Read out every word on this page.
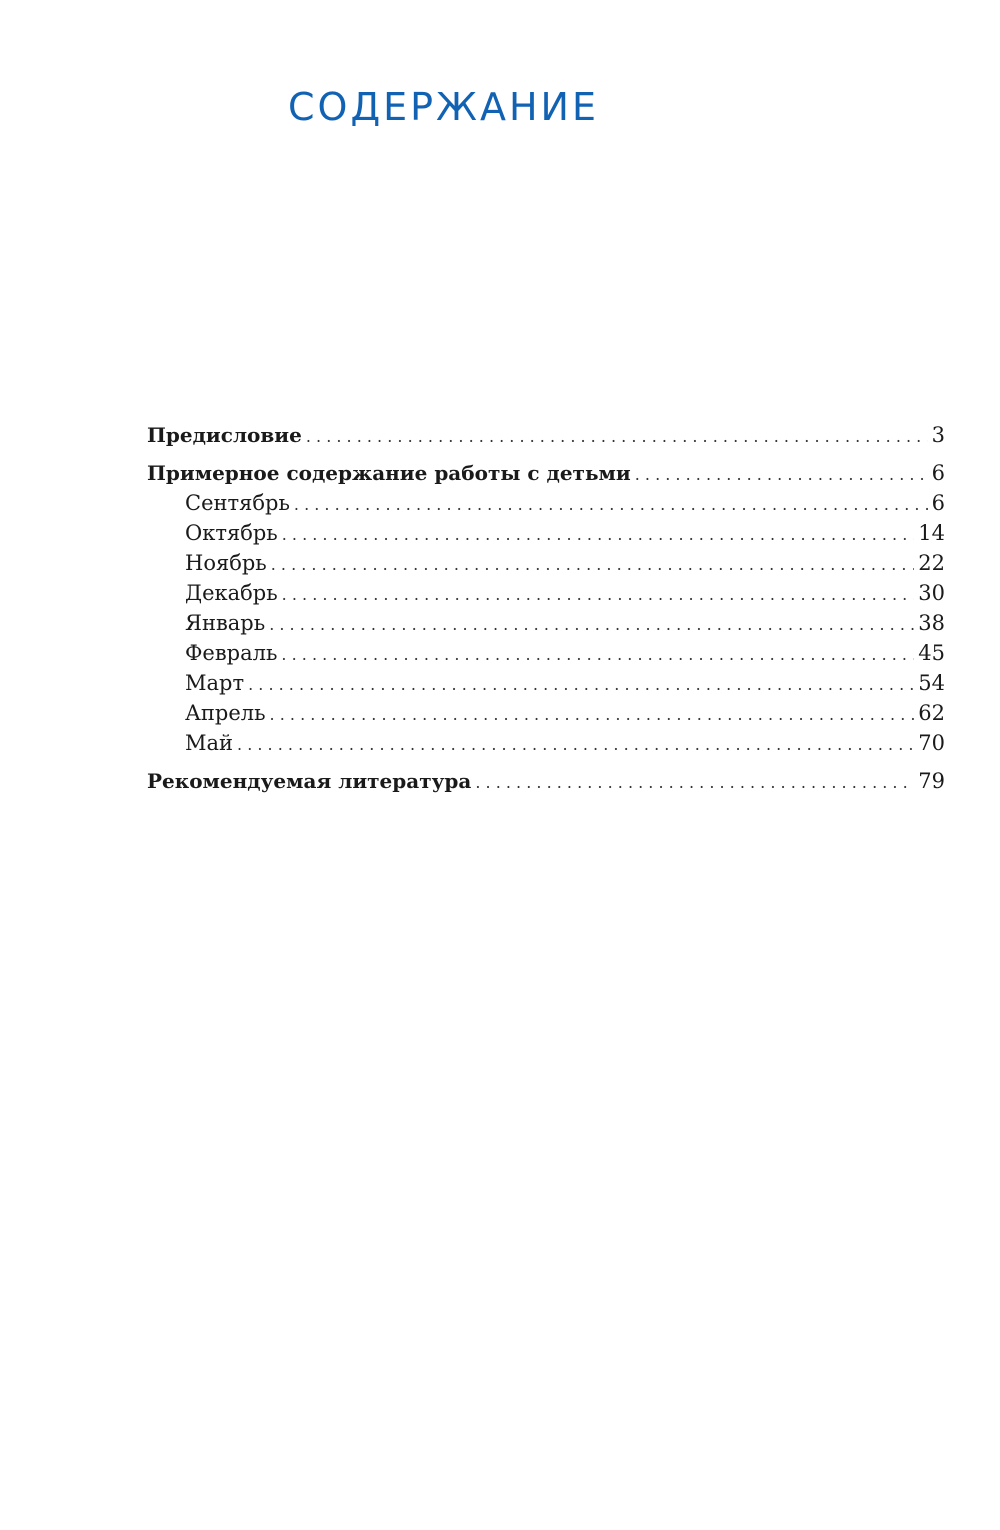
СОДЕРЖАНИЕ
Предисловие . . .	3
Примерное содержание работы с детьми . . .	6
Сентябрь . . .	6
Октябрь . . .	14
Ноябрь . . .	22
Декабрь . . .	30
Январь . . .	38
Февраль . . .	45
Март . . .	54
Апрель . . .	62
Май . . .	70
Рекомендуемая литература . . .	79
